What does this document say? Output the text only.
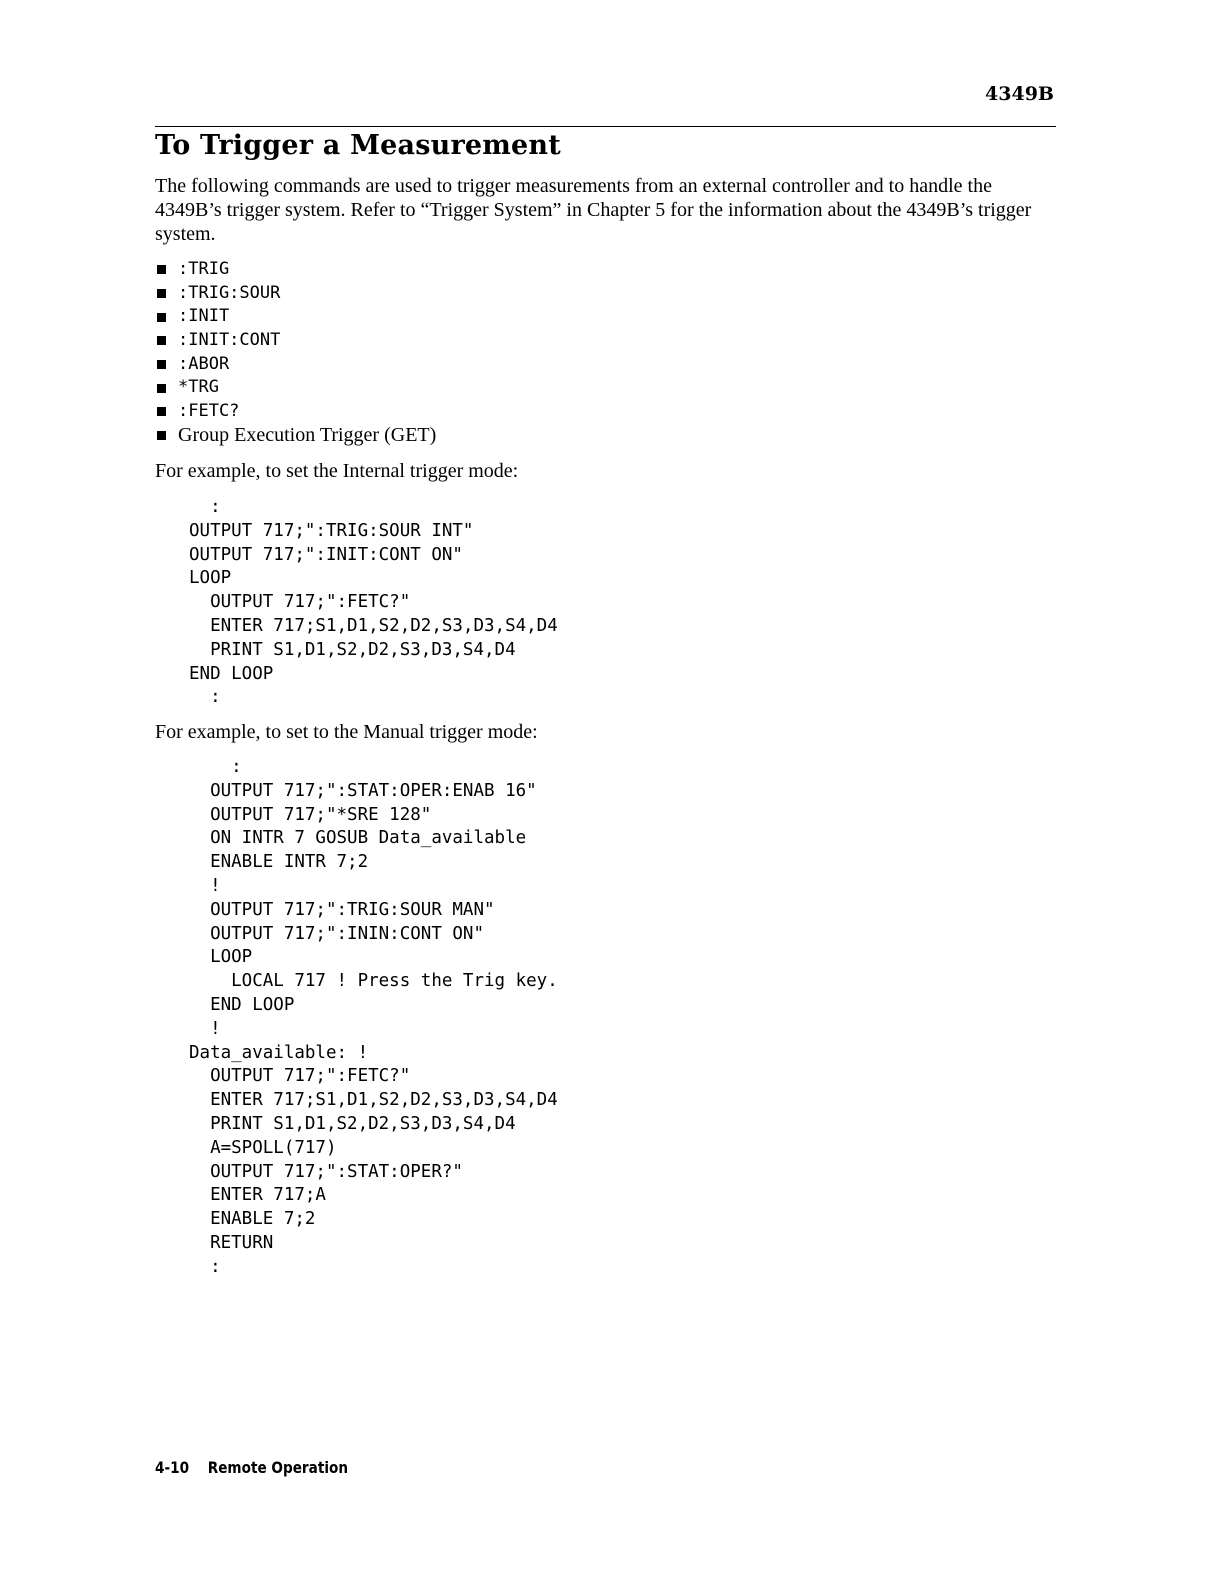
4349B
To Trigger a Measurement

The following commands are used to trigger measurements from an external controller and to handle the 4349B’s trigger system. Refer to “Trigger System” in Chapter 5 for the information about the 4349B’s trigger system.

:TRIG
:TRIG:SOUR
:INIT
:INIT:CONT
:ABOR
*TRG
:FETC?
Group Execution Trigger (GET)

For example, to set the Internal trigger mode:

:
OUTPUT 717;":TRIG:SOUR INT"
OUTPUT 717;":INIT:CONT ON"
LOOP
OUTPUT 717;":FETC?"
ENTER 717;S1,D1,S2,D2,S3,D3,S4,D4
PRINT S1,D1,S2,D2,S3,D3,S4,D4
END LOOP
:

For example, to set to the Manual trigger mode:

:
OUTPUT 717;":STAT:OPER:ENAB 16"
OUTPUT 717;"*SRE 128"
ON INTR 7 GOSUB Data_available
ENABLE INTR 7;2
!
OUTPUT 717;":TRIG:SOUR MAN"
OUTPUT 717;":ININ:CONT ON"
LOOP
LOCAL 717 ! Press the Trig key.
END LOOP
!
Data_available: !
OUTPUT 717;":FETC?"
ENTER 717;S1,D1,S2,D2,S3,D3,S4,D4
PRINT S1,D1,S2,D2,S3,D3,S4,D4
A=SPOLL(717)
OUTPUT 717;":STAT:OPER?"
ENTER 717;A
ENABLE 7;2
RETURN
:
4-10 Remote Operation
